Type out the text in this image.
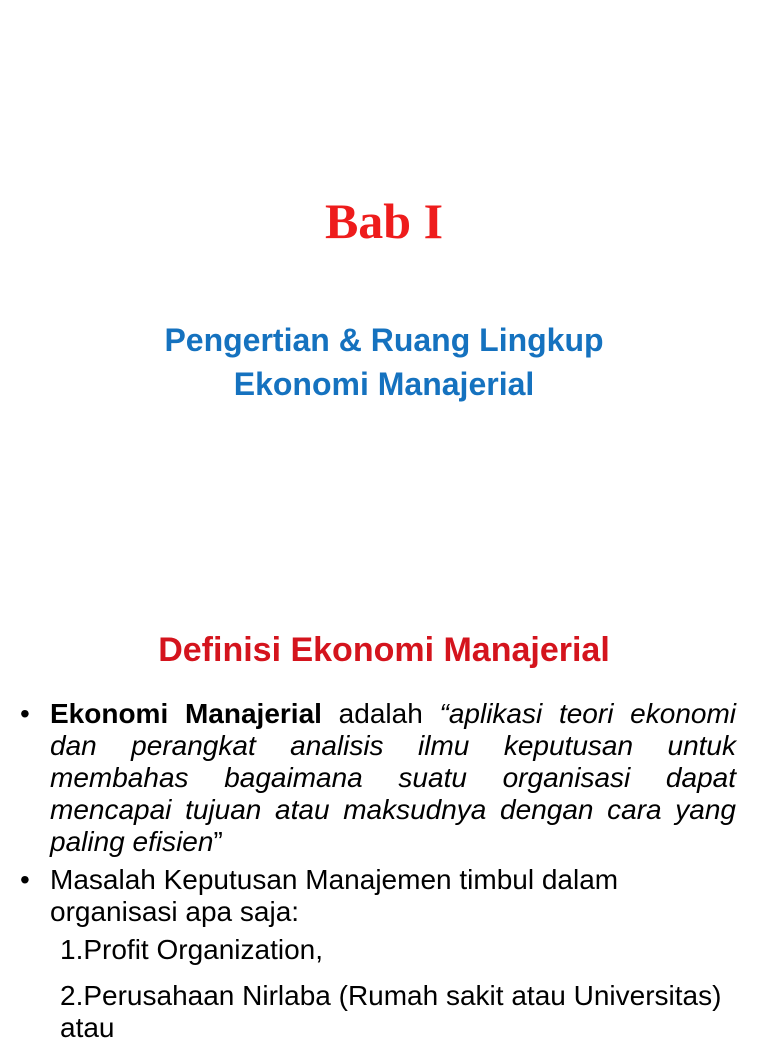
Bab I
Pengertian & Ruang Lingkup
Ekonomi Manajerial
Definisi Ekonomi Manajerial
• Ekonomi Manajerial adalah “aplikasi teori ekonomi dan perangkat analisis ilmu keputusan untuk membahas bagaimana suatu organisasi dapat mencapai tujuan atau maksudnya dengan cara yang paling efisien”
• Masalah Keputusan Manajemen timbul dalam organisasi apa saja:
1.Profit Organization,
2.Perusahaan Nirlaba (Rumah sakit atau Universitas) atau
